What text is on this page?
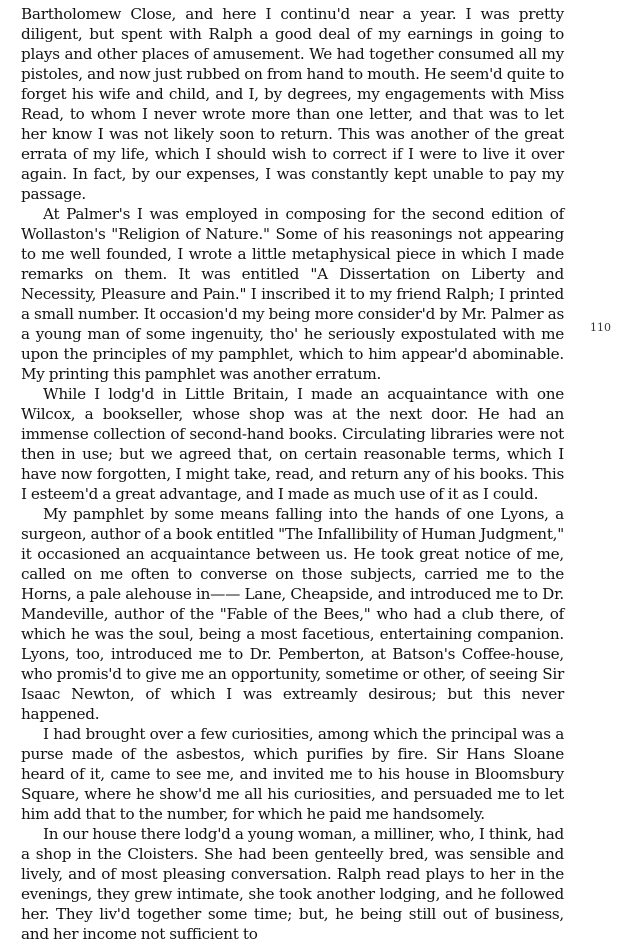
Bartholomew Close, and here I continu'd near a year. I was pretty diligent, but spent with Ralph a good deal of my earnings in going to plays and other places of amusement. We had together consumed all my pistoles, and now just rubbed on from hand to mouth. He seem'd quite to forget his wife and child, and I, by degrees, my engagements with Miss Read, to whom I never wrote more than one letter, and that was to let her know I was not likely soon to return. This was another of the great errata of my life, which I should wish to correct if I were to live it over again. In fact, by our expenses, I was constantly kept unable to pay my passage.

At Palmer's I was employed in composing for the second edition of Wollaston's "Religion of Nature." Some of his reasonings not appearing to me well founded, I wrote a little metaphysical piece in which I made remarks on them. It was entitled "A Dissertation on Liberty and Necessity, Pleasure and Pain." I inscribed it to my friend Ralph; I printed a small number. It occasion'd my being more consider'd by Mr. Palmer as a young man of some ingenuity, tho' he seriously expostulated with me upon the principles of my pamphlet, which to him appear'd abominable. My printing this pamphlet was another erratum.

While I lodg'd in Little Britain, I made an acquaintance with one Wilcox, a bookseller, whose shop was at the next door. He had an immense collection of second-hand books. Circulating libraries were not then in use; but we agreed that, on certain reasonable terms, which I have now forgotten, I might take, read, and return any of his books. This I esteem'd a great advantage, and I made as much use of it as I could.

My pamphlet by some means falling into the hands of one Lyons, a surgeon, author of a book entitled "The Infallibility of Human Judgment," it occasioned an acquaintance between us. He took great notice of me, called on me often to converse on those subjects, carried me to the Horns, a pale alehouse in—— Lane, Cheapside, and introduced me to Dr. Mandeville, author of the "Fable of the Bees," who had a club there, of which he was the soul, being a most facetious, entertaining companion. Lyons, too, introduced me to Dr. Pemberton, at Batson's Coffee-house, who promis'd to give me an opportunity, sometime or other, of seeing Sir Isaac Newton, of which I was extreamly desirous; but this never happened.

I had brought over a few curiosities, among which the principal was a purse made of the asbestos, which purifies by fire. Sir Hans Sloane heard of it, came to see me, and invited me to his house in Bloomsbury Square, where he show'd me all his curiosities, and persuaded me to let him add that to the number, for which he paid me handsomely.

In our house there lodg'd a young woman, a milliner, who, I think, had a shop in the Cloisters. She had been genteelly bred, was sensible and lively, and of most pleasing conversation. Ralph read plays to her in the evenings, they grew intimate, she took another lodging, and he followed her. They liv'd together some time; but, he being still out of business, and her income not sufficient to

110
